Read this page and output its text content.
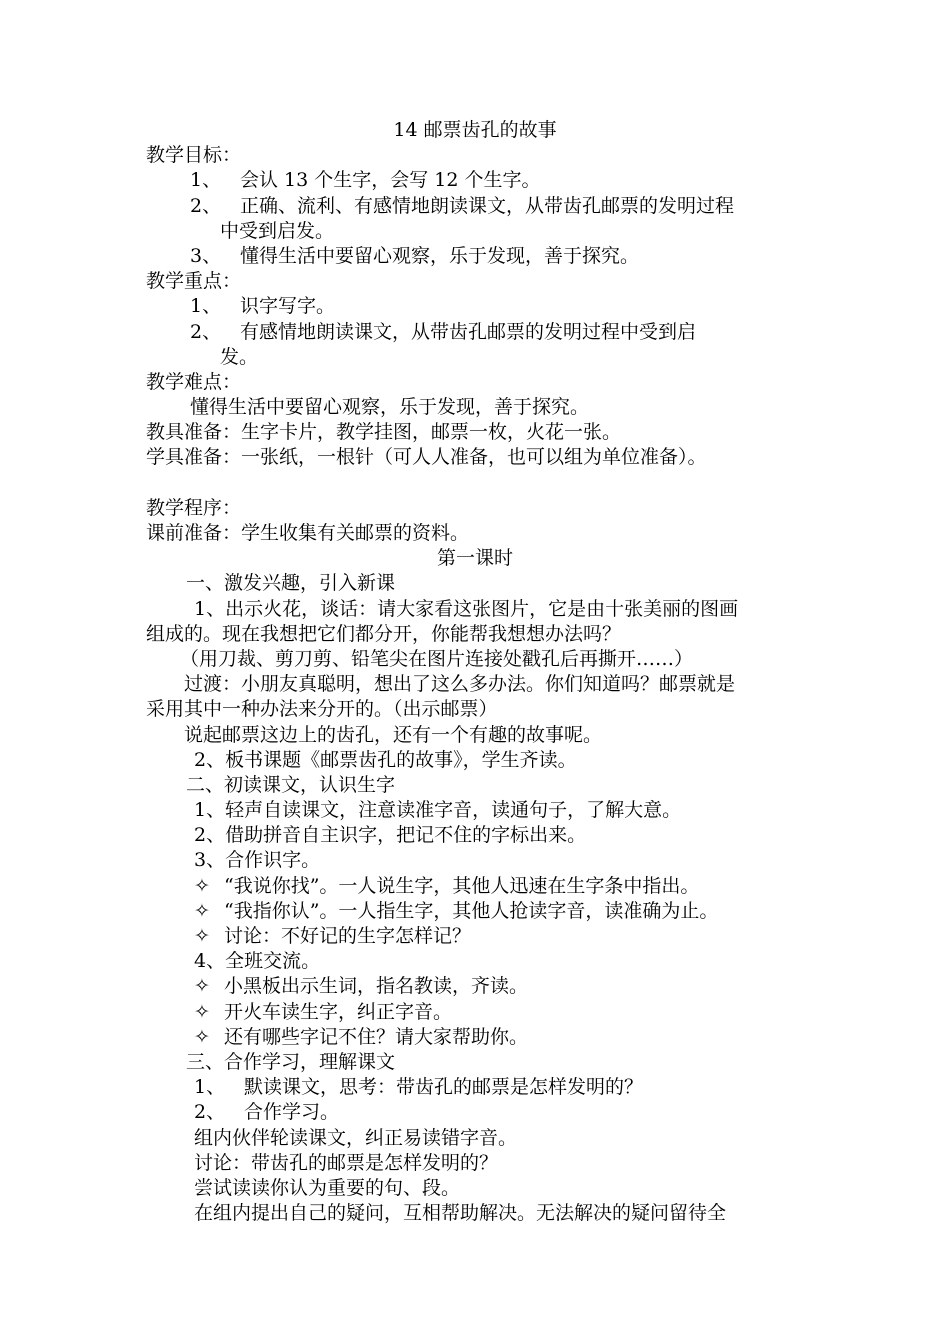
14 邮票齿孔的故事
教学目标：
1、 会认 13 个生字，会写 12 个生字。
2、 正确、流利、有感情地朗读课文，从带齿孔邮票的发明过程
中受到启发。
3、 懂得生活中要留心观察，乐于发现，善于探究。
教学重点：
1、 识字写字。
2、 有感情地朗读课文，从带齿孔邮票的发明过程中受到启
发。
教学难点：
懂得生活中要留心观察，乐于发现，善于探究。
教具准备：生字卡片，教学挂图，邮票一枚，火花一张。
学具准备：一张纸，一根针（可人人准备，也可以组为单位准备）。
教学程序：
课前准备：学生收集有关邮票的资料。
第一课时
一、激发兴趣，引入新课
1、出示火花，谈话：请大家看这张图片，它是由十张美丽的图画
组成的。现在我想把它们都分开，你能帮我想想办法吗？
（用刀裁、剪刀剪、铅笔尖在图片连接处戳孔后再撕开……）
过渡：小朋友真聪明，想出了这么多办法。你们知道吗？邮票就是
采用其中一种办法来分开的。（出示邮票）
说起邮票这边上的齿孔，还有一个有趣的故事呢。
2、板书课题《邮票齿孔的故事》，学生齐读。
二、初读课文，认识生字
1、轻声自读课文，注意读准字音，读通句子，了解大意。
2、借助拼音自主识字，把记不住的字标出来。
3、合作识字。
✧ “我说你找”。一人说生字，其他人迅速在生字条中指出。
✧ “我指你认”。一人指生字，其他人抢读字音，读准确为止。
✧ 讨论：不好记的生字怎样记？
4、全班交流。
✧ 小黑板出示生词，指名教读，齐读。
✧ 开火车读生字，纠正字音。
✧ 还有哪些字记不住？请大家帮助你。
三、合作学习，理解课文
1、 默读课文，思考：带齿孔的邮票是怎样发明的？
2、 合作学习。
组内伙伴轮读课文，纠正易读错字音。
讨论：带齿孔的邮票是怎样发明的？
尝试读读你认为重要的句、段。
在组内提出自己的疑问，互相帮助解决。无法解决的疑问留待全
